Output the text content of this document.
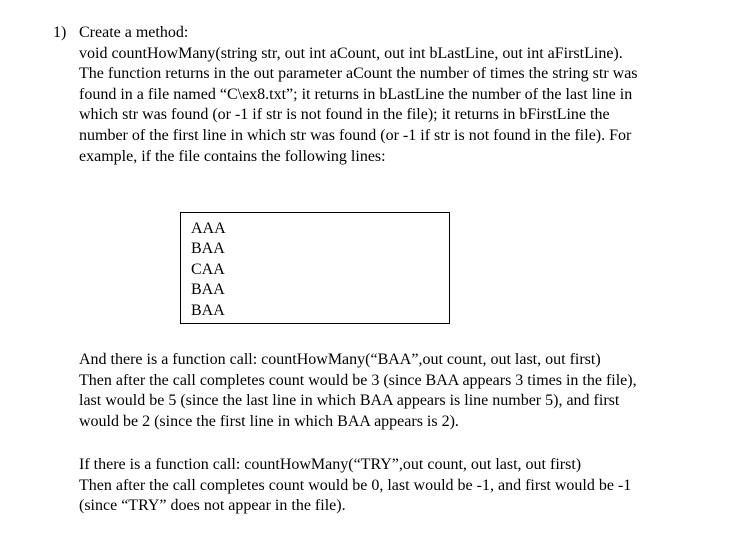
1) Create a method:

void countHowMany(string str, out int aCount, out int bLastLine, out int aFirstLine).

The function returns in the out parameter aCount the number of times the string str was

found in a file named “C\ex8.txt”; it returns in bLastLine the number of the last line in

which str was found (or -1 if str is not found in the file); it returns in bFirstLine the

number of the first line in which str was found (or -1 if str is not found in the file). For

example, if the file contains the following lines:

AAA
BAA
CAA
BAA
BAA

And there is a function call: countHowMany(“BAA”,out count, out last, out first)

Then after the call completes count would be 3 (since BAA appears 3 times in the file),

last would be 5 (since the last line in which BAA appears is line number 5), and first

would be 2 (since the first line in which BAA appears is 2).

If there is a function call: countHowMany(“TRY”,out count, out last, out first)

Then after the call completes count would be 0, last would be -1, and first would be -1

(since “TRY” does not appear in the file).
